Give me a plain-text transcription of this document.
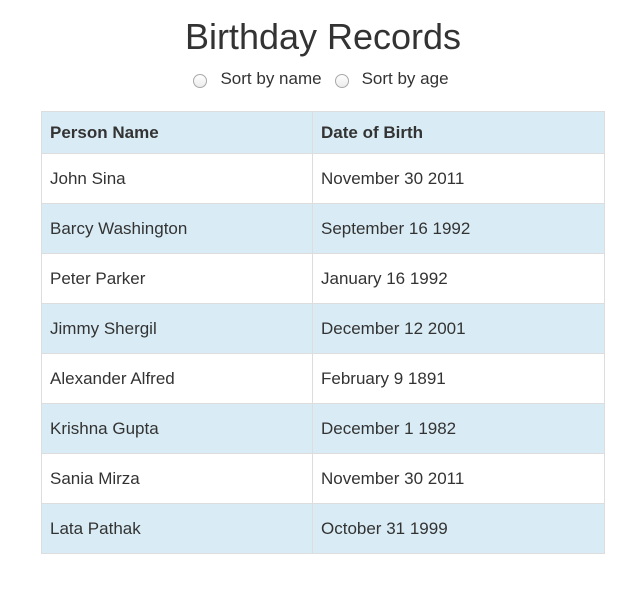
Birthday Records
Sort by name Sort by age
Person Name	Date of Birth
John Sina	November 30 2011
Barcy Washington	September 16 1992
Peter Parker	January 16 1992
Jimmy Shergil	December 12 2001
Alexander Alfred	February 9 1891
Krishna Gupta	December 1 1982
Sania Mirza	November 30 2011
Lata Pathak	October 31 1999
